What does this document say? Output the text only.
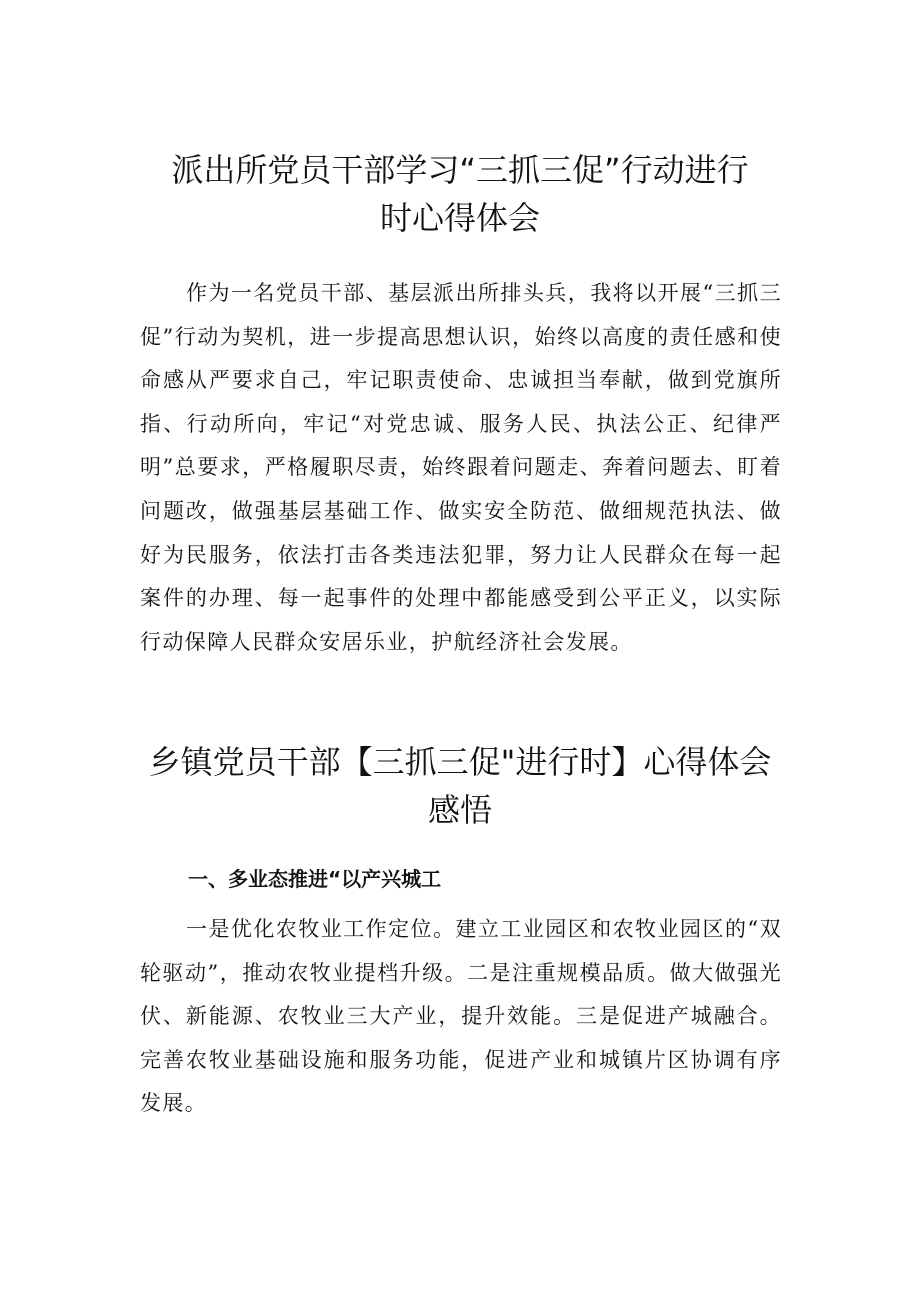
派出所党员干部学习“三抓三促”行动进行
时心得体会

作为一名党员干部、基层派出所排头兵，我将以开展“三抓三促”行动为契机，进一步提高思想认识，始终以高度的责任感和使命感从严要求自己，牢记职责使命、忠诚担当奉献，做到党旗所指、行动所向，牢记“对党忠诚、服务人民、执法公正、纪律严明”总要求，严格履职尽责，始终跟着问题走、奔着问题去、盯着问题改，做强基层基础工作、做实安全防范、做细规范执法、做好为民服务，依法打击各类违法犯罪，努力让人民群众在每一起案件的办理、每一起事件的处理中都能感受到公平正义，以实际行动保障人民群众安居乐业，护航经济社会发展。

乡镇党员干部【三抓三促"进行时】心得体会
感悟
一、多业态推进“以产兴城工

一是优化农牧业工作定位。建立工业园区和农牧业园区的“双轮驱动”，推动农牧业提档升级。二是注重规模品质。做大做强光伏、新能源、农牧业三大产业，提升效能。三是促进产城融合。完善农牧业基础设施和服务功能，促进产业和城镇片区协调有序发展。
